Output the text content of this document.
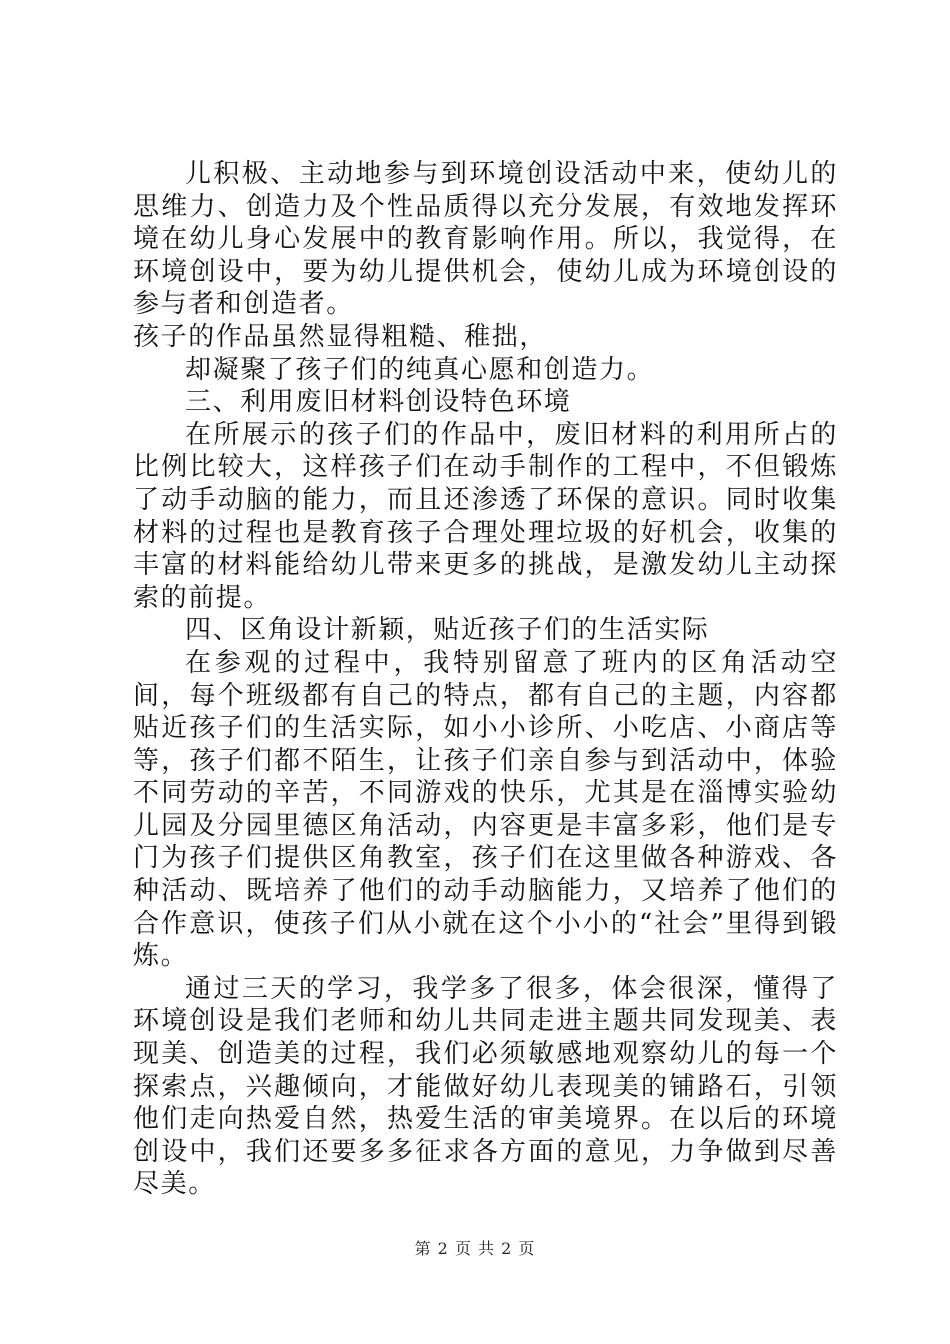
儿积极、主动地参与到环境创设活动中来，使幼儿的思维力、创造力及个性品质得以充分发展，有效地发挥环境在幼儿身心发展中的教育影响作用。所以，我觉得，在环境创设中，要为幼儿提供机会，使幼儿成为环境创设的参与者和创造者。

孩子的作品虽然显得粗糙、稚拙，

却凝聚了孩子们的纯真心愿和创造力。

三、利用废旧材料创设特色环境

在所展示的孩子们的作品中，废旧材料的利用所占的比例比较大，这样孩子们在动手制作的工程中，不但锻炼了动手动脑的能力，而且还渗透了环保的意识。同时收集材料的过程也是教育孩子合理处理垃圾的好机会，收集的丰富的材料能给幼儿带来更多的挑战，是激发幼儿主动探索的前提。

四、区角设计新颖，贴近孩子们的生活实际

在参观的过程中，我特别留意了班内的区角活动空间，每个班级都有自己的特点，都有自己的主题，内容都贴近孩子们的生活实际，如小小诊所、小吃店、小商店等等，孩子们都不陌生，让孩子们亲自参与到活动中，体验不同劳动的辛苦，不同游戏的快乐，尤其是在淄博实验幼儿园及分园里德区角活动，内容更是丰富多彩，他们是专门为孩子们提供区角教室，孩子们在这里做各种游戏、各种活动、既培养了他们的动手动脑能力，又培养了他们的合作意识，使孩子们从小就在这个小小的“社会”里得到锻炼。

通过三天的学习，我学多了很多，体会很深，懂得了环境创设是我们老师和幼儿共同走进主题共同发现美、表现美、创造美的过程，我们必须敏感地观察幼儿的每一个探索点，兴趣倾向，才能做好幼儿表现美的铺路石，引领他们走向热爱自然，热爱生活的审美境界。在以后的环境创设中，我们还要多多征求各方面的意见，力争做到尽善尽美。

第 2 页 共 2 页
